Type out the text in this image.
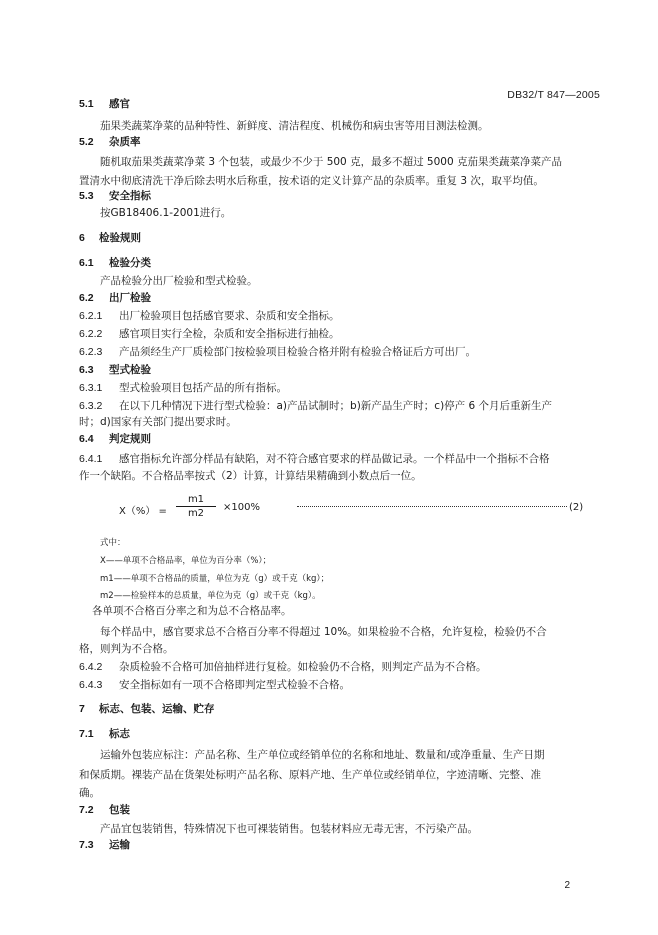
DB32/T 847—2005
5.1 感官
茄果类蔬菜净菜的品种特性、新鲜度、清洁程度、机械伤和病虫害等用目测法检测。
5.2 杂质率
随机取茄果类蔬菜净菜 3 个包装，或最少不少于 500 克，最多不超过 5000 克茄果类蔬菜净菜产品
置清水中彻底清洗干净后除去明水后称重，按术语的定义计算产品的杂质率。重复 3 次，取平均值。
5.3 安全指标
按GB18406.1-2001进行。
6 检验规则
6.1 检验分类
产品检验分出厂检验和型式检验。
6.2 出厂检验
6.2.1 出厂检验项目包括感官要求、杂质和安全指标。
6.2.2 感官项目实行全检，杂质和安全指标进行抽检。
6.2.3 产品须经生产厂质检部门按检验项目检验合格并附有检验合格证后方可出厂。
6.3 型式检验
6.3.1 型式检验项目包括产品的所有指标。
6.3.2 在以下几种情况下进行型式检验：a)产品试制时；b)新产品生产时；c)停产 6 个月后重新生产
时；d)国家有关部门提出要求时。
6.4 判定规则
6.4.1 感官指标允许部分样品有缺陷，对不符合感官要求的样品做记录。一个样品中一个指标不合格
作一个缺陷。不合格品率按式（2）计算，计算结果精确到小数点后一位。
$X(\%) = \frac{m1}{m2} \times 100\%$	(2)
式中：
X——单项不合格品率，单位为百分率（%）；
m1——单项不合格品的质量，单位为克（g）或千克（kg）；
m2——检验样本的总质量，单位为克（g）或千克（kg）。
各单项不合格百分率之和为总不合格品率。
每个样品中，感官要求总不合格百分率不得超过 10%。如果检验不合格，允许复检，检验仍不合
格，则判为不合格。
6.4.2 杂质检验不合格可加倍抽样进行复检。如检验仍不合格，则判定产品为不合格。
6.4.3 安全指标如有一项不合格即判定型式检验不合格。
7 标志、包装、运输、贮存
7.1 标志
运输外包装应标注：产品名称、生产单位或经销单位的名称和地址、数量和/或净重量、生产日期
和保质期。裸装产品在货架处标明产品名称、原料产地、生产单位或经销单位，字迹清晰、完整、准
确。
7.2 包装
产品宜包装销售，特殊情况下也可裸装销售。包装材料应无毒无害，不污染产品。
7.3 运输
2
